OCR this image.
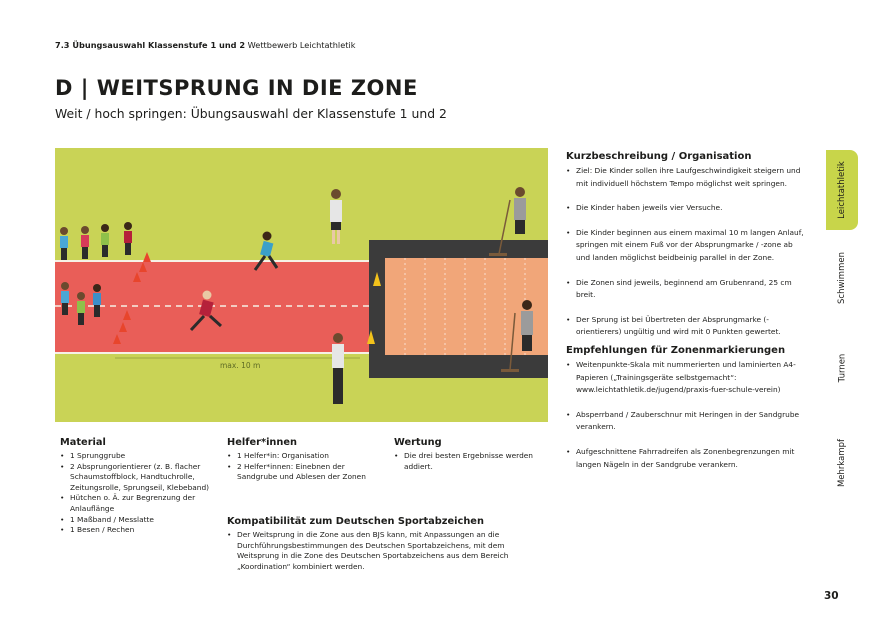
7.3 Übungsauswahl Klassenstufe 1 und 2 Wettbewerb Leichtathletik
D | WEITSPRUNG IN DIE ZONE
Weit / hoch springen: Übungsauswahl der Klassenstufe 1 und 2
max. 10 m
Material
• 1 Sprunggrube
• 2 Absprungorientierer (z. B. flacher Schaumstoffblock, Handtuchrolle, Zeitungsrolle, Sprungseil, Klebeband)
• Hütchen o. Ä. zur Begrenzung der Anlauflänge
• 1 Maßband / Messlatte
• 1 Besen / Rechen
Helfer*innen
• 1 Helfer*in: Organisation
• 2 Helfer*innen: Einebnen der Sandgrube und Ablesen der Zonen
Wertung
• Die drei besten Ergebnisse werden addiert.
Kompatibilität zum Deutschen Sportabzeichen
• Der Weitsprung in die Zone aus den BJS kann, mit Anpassungen an die Durchführungsbestimmungen des Deutschen Sportabzeichens, mit dem Weitsprung in die Zone des Deutschen Sportabzeichens aus dem Bereich „Koordination“ kombiniert werden.
Kurzbeschreibung / Organisation
• Ziel: Die Kinder sollen ihre Laufgeschwindigkeit steigern und mit individuell höchstem Tempo möglichst weit springen.
• Die Kinder haben jeweils vier Versuche.
• Die Kinder beginnen aus einem maximal 10 m langen Anlauf, springen mit einem Fuß vor der Absprungmarke / -zone ab und landen möglichst beidbeinig parallel in der Zone.
• Die Zonen sind jeweils, beginnend am Grubenrand, 25 cm breit.
• Der Sprung ist bei Übertreten der Absprungmarke (-orientierers) ungültig und wird mit 0 Punkten gewertet.
Empfehlungen für Zonenmarkierungen
• Weitenpunkte-Skala mit nummerierten und laminierten A4-Papieren („Trainingsgeräte selbstgemacht“: www.leichtathletik.de/jugend/praxis-fuer-schule-verein)
• Absperrband / Zauberschnur mit Heringen in der Sandgrube verankern.
• Aufgeschnittene Fahrradreifen als Zonenbegrenzungen mit langen Nägeln in der Sandgrube verankern.
Leichtathletik
Schwimmen
Turnen
Mehrkampf
30
